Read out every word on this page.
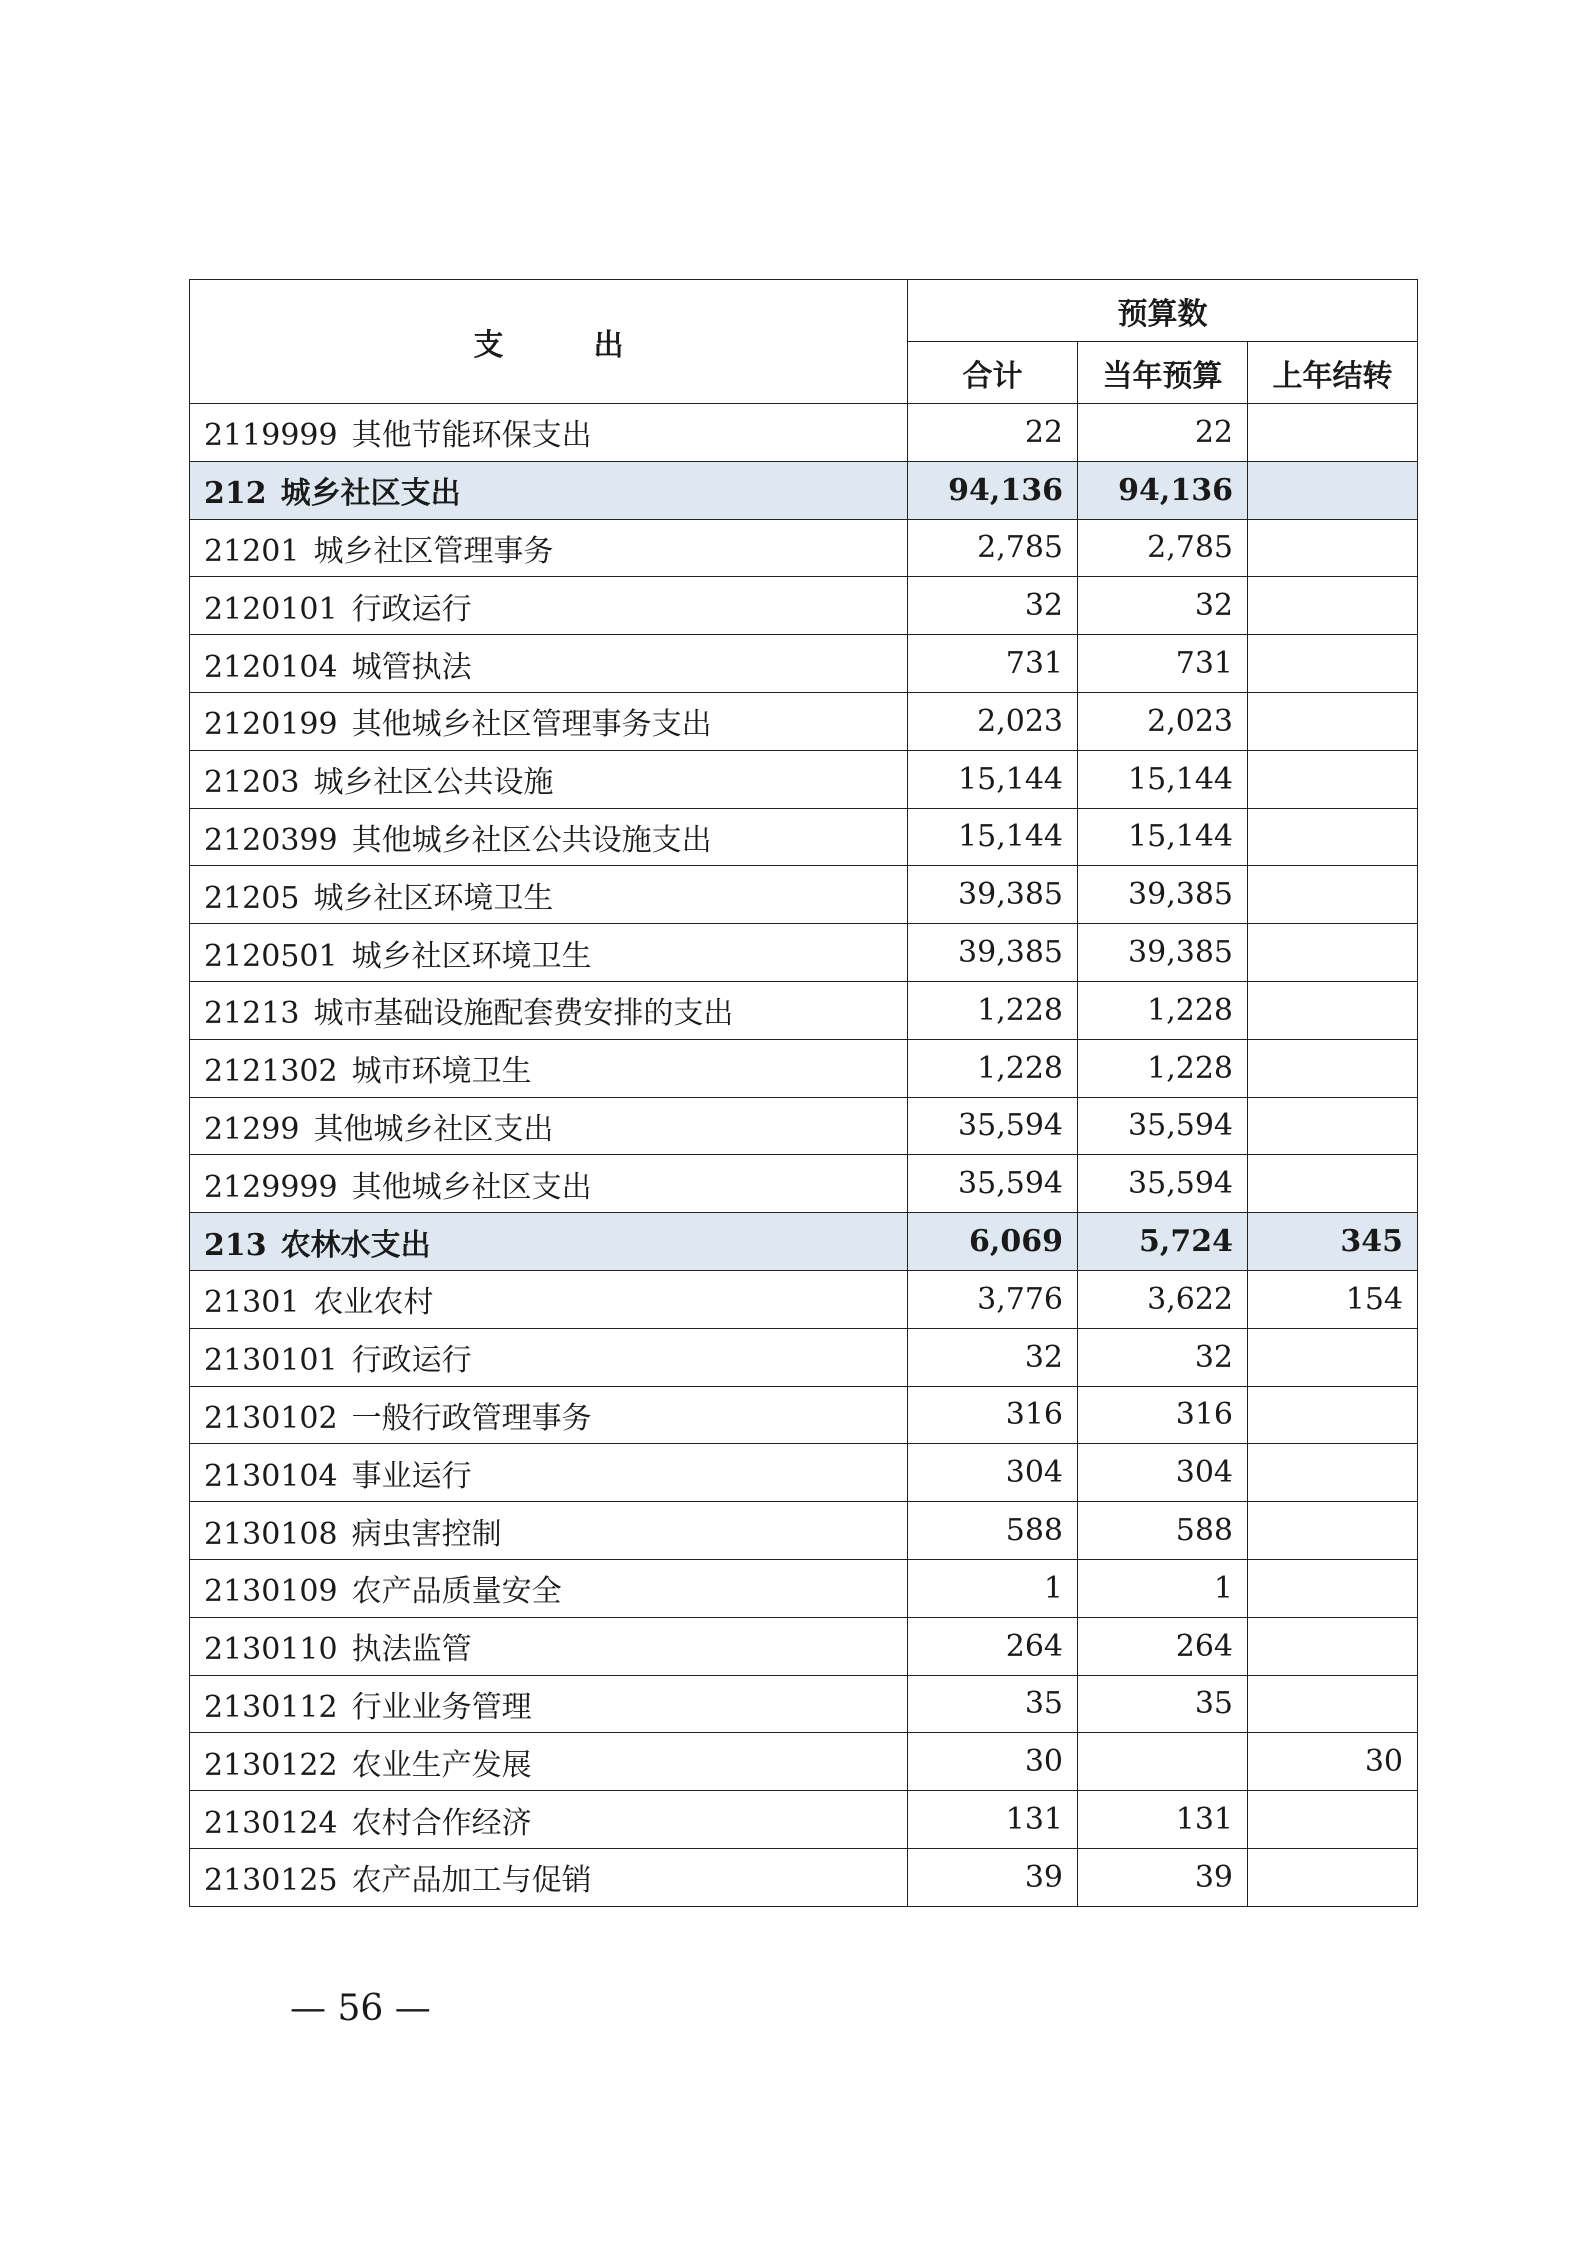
支　　　出	预算数		
	合计	当年预算	上年结转
2119999 其他节能环保支出	22	22	
212 城乡社区支出	94,136	94,136	
21201 城乡社区管理事务	2,785	2,785	
2120101 行政运行	32	32	
2120104 城管执法	731	731	
2120199 其他城乡社区管理事务支出	2,023	2,023	
21203 城乡社区公共设施	15,144	15,144	
2120399 其他城乡社区公共设施支出	15,144	15,144	
21205 城乡社区环境卫生	39,385	39,385	
2120501 城乡社区环境卫生	39,385	39,385	
21213 城市基础设施配套费安排的支出	1,228	1,228	
2121302 城市环境卫生	1,228	1,228	
21299 其他城乡社区支出	35,594	35,594	
2129999 其他城乡社区支出	35,594	35,594	
213 农林水支出	6,069	5,724	345
21301 农业农村	3,776	3,622	154
2130101 行政运行	32	32	
2130102 一般行政管理事务	316	316	
2130104 事业运行	304	304	
2130108 病虫害控制	588	588	
2130109 农产品质量安全	1	1	
2130110 执法监管	264	264	
2130112 行业业务管理	35	35	
2130122 农业生产发展	30		30
2130124 农村合作经济	131	131	
2130125 农产品加工与促销	39	39	
— 56 —
